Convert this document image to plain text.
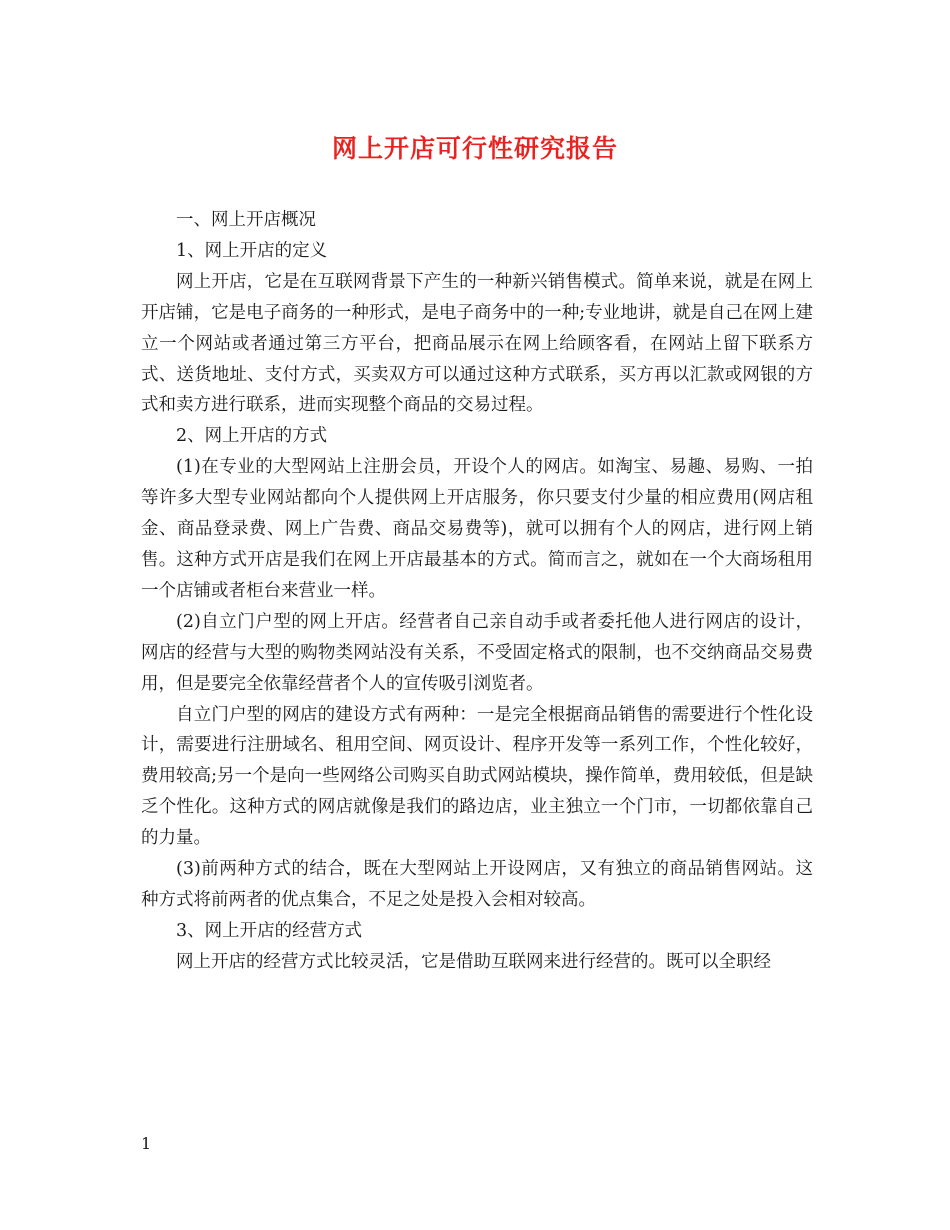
网上开店可行性研究报告

一、网上开店概况

1、网上开店的定义

网上开店，它是在互联网背景下产生的一种新兴销售模式。简单来说，就是在网上开店铺，它是电子商务的一种形式，是电子商务中的一种;专业地讲，就是自己在网上建立一个网站或者通过第三方平台，把商品展示在网上给顾客看，在网站上留下联系方式、送货地址、支付方式，买卖双方可以通过这种方式联系，买方再以汇款或网银的方式和卖方进行联系，进而实现整个商品的交易过程。

2、网上开店的方式

(1)在专业的大型网站上注册会员，开设个人的网店。如淘宝、易趣、易购、一拍等许多大型专业网站都向个人提供网上开店服务，你只要支付少量的相应费用(网店租金、商品登录费、网上广告费、商品交易费等)，就可以拥有个人的网店，进行网上销售。这种方式开店是我们在网上开店最基本的方式。简而言之，就如在一个大商场租用一个店铺或者柜台来营业一样。

(2)自立门户型的网上开店。经营者自己亲自动手或者委托他人进行网店的设计，网店的经营与大型的购物类网站没有关系，不受固定格式的限制，也不交纳商品交易费用，但是要完全依靠经营者个人的宣传吸引浏览者。

自立门户型的网店的建设方式有两种：一是完全根据商品销售的需要进行个性化设计，需要进行注册域名、租用空间、网页设计、程序开发等一系列工作，个性化较好，费用较高;另一个是向一些网络公司购买自助式网站模块，操作简单，费用较低，但是缺乏个性化。这种方式的网店就像是我们的路边店，业主独立一个门市，一切都依靠自己的力量。

(3)前两种方式的结合，既在大型网站上开设网店，又有独立的商品销售网站。这种方式将前两者的优点集合，不足之处是投入会相对较高。

3、网上开店的经营方式

网上开店的经营方式比较灵活，它是借助互联网来进行经营的。既可以全职经

1
